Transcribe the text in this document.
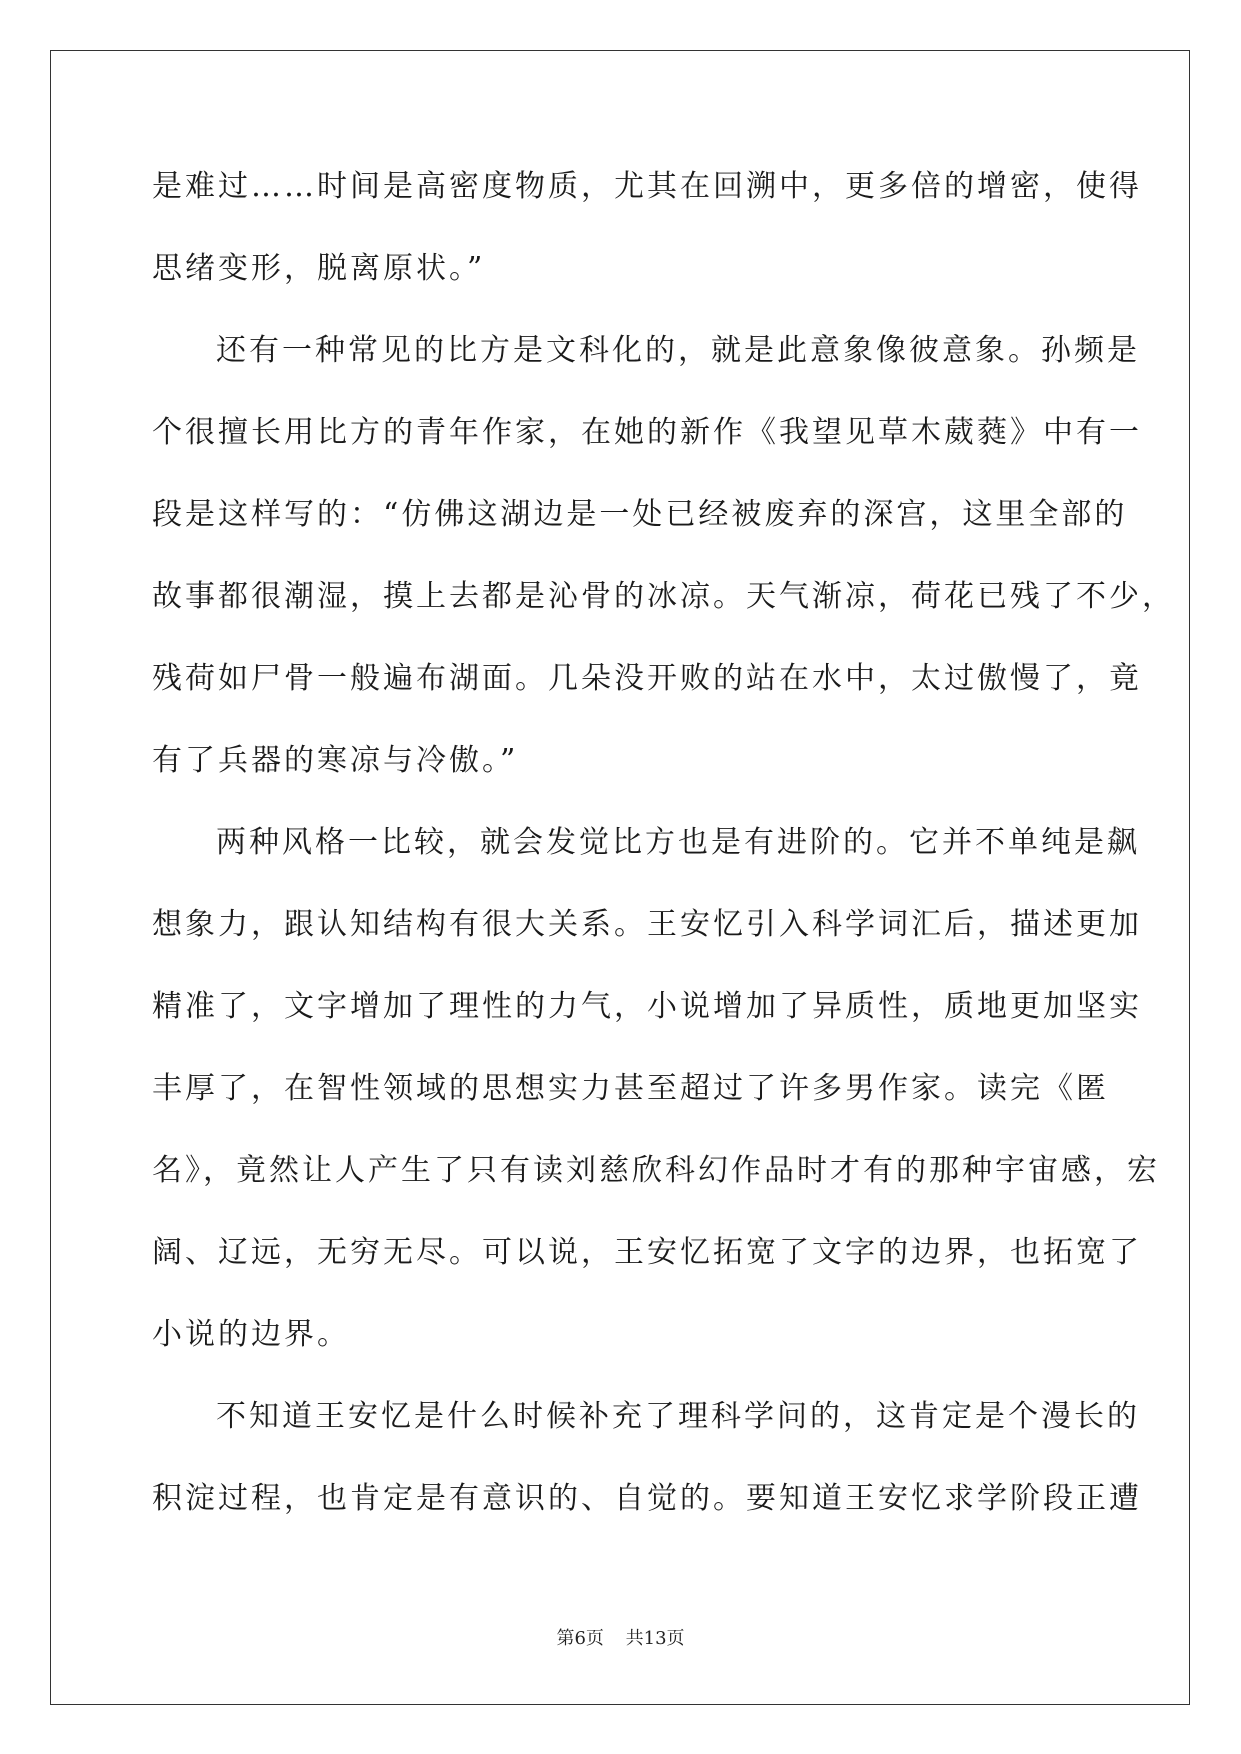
是难过……时间是高密度物质，尤其在回溯中，更多倍的增密，使得
思绪变形，脱离原状。”
还有一种常见的比方是文科化的，就是此意象像彼意象。孙频是
个很擅长用比方的青年作家，在她的新作《我望见草木葳蕤》中有一
段是这样写的：“仿佛这湖边是一处已经被废弃的深宫，这里全部的
故事都很潮湿，摸上去都是沁骨的冰凉。天气渐凉，荷花已残了不少，
残荷如尸骨一般遍布湖面。几朵没开败的站在水中，太过傲慢了，竟
有了兵器的寒凉与冷傲。”
两种风格一比较，就会发觉比方也是有进阶的。它并不单纯是飙
想象力，跟认知结构有很大关系。王安忆引入科学词汇后，描述更加
精准了，文字增加了理性的力气，小说增加了异质性，质地更加坚实
丰厚了，在智性领域的思想实力甚至超过了许多男作家。读完《匿
名》，竟然让人产生了只有读刘慈欣科幻作品时才有的那种宇宙感，宏
阔、辽远，无穷无尽。可以说，王安忆拓宽了文字的边界，也拓宽了
小说的边界。
不知道王安忆是什么时候补充了理科学问的，这肯定是个漫长的
积淀过程，也肯定是有意识的、自觉的。要知道王安忆求学阶段正遭
第6页 共13页
